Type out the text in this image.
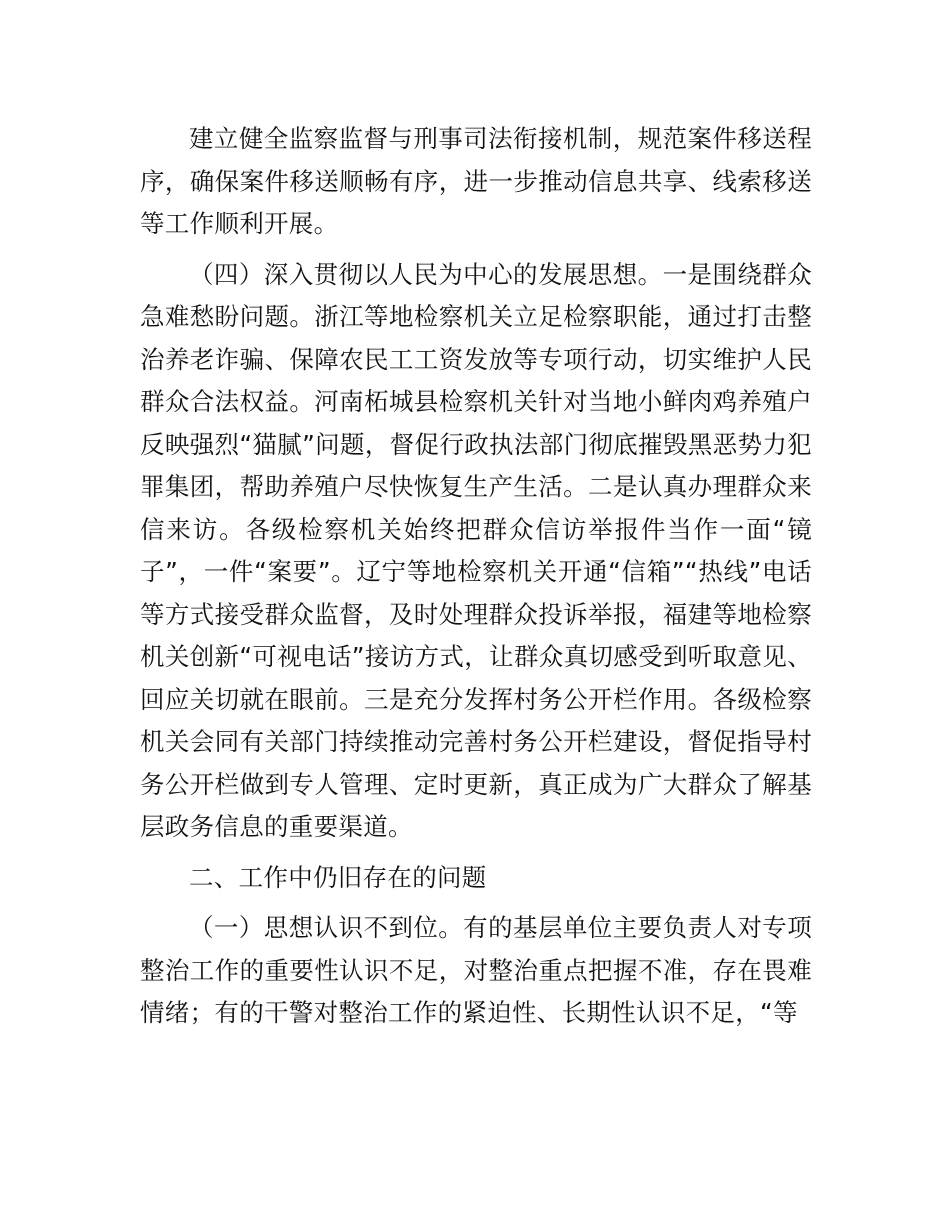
建立健全监察监督与刑事司法衔接机制，规范案件移送程序，确保案件移送顺畅有序，进一步推动信息共享、线索移送等工作顺利开展。

（四）深入贯彻以人民为中心的发展思想。一是围绕群众急难愁盼问题。浙江等地检察机关立足检察职能，通过打击整治养老诈骗、保障农民工工资发放等专项行动，切实维护人民群众合法权益。河南柘城县检察机关针对当地小鲜肉鸡养殖户反映强烈“猫腻”问题，督促行政执法部门彻底摧毁黑恶势力犯罪集团，帮助养殖户尽快恢复生产生活。二是认真办理群众来信来访。各级检察机关始终把群众信访举报件当作一面“镜子”，一件“案要”。辽宁等地检察机关开通“信箱”“热线”电话等方式接受群众监督，及时处理群众投诉举报，福建等地检察机关创新“可视电话”接访方式，让群众真切感受到听取意见、回应关切就在眼前。三是充分发挥村务公开栏作用。各级检察机关会同有关部门持续推动完善村务公开栏建设，督促指导村务公开栏做到专人管理、定时更新，真正成为广大群众了解基层政务信息的重要渠道。

二、工作中仍旧存在的问题

（一）思想认识不到位。有的基层单位主要负责人对专项整治工作的重要性认识不足，对整治重点把握不准，存在畏难情绪；有的干警对整治工作的紧迫性、长期性认识不足，“等
